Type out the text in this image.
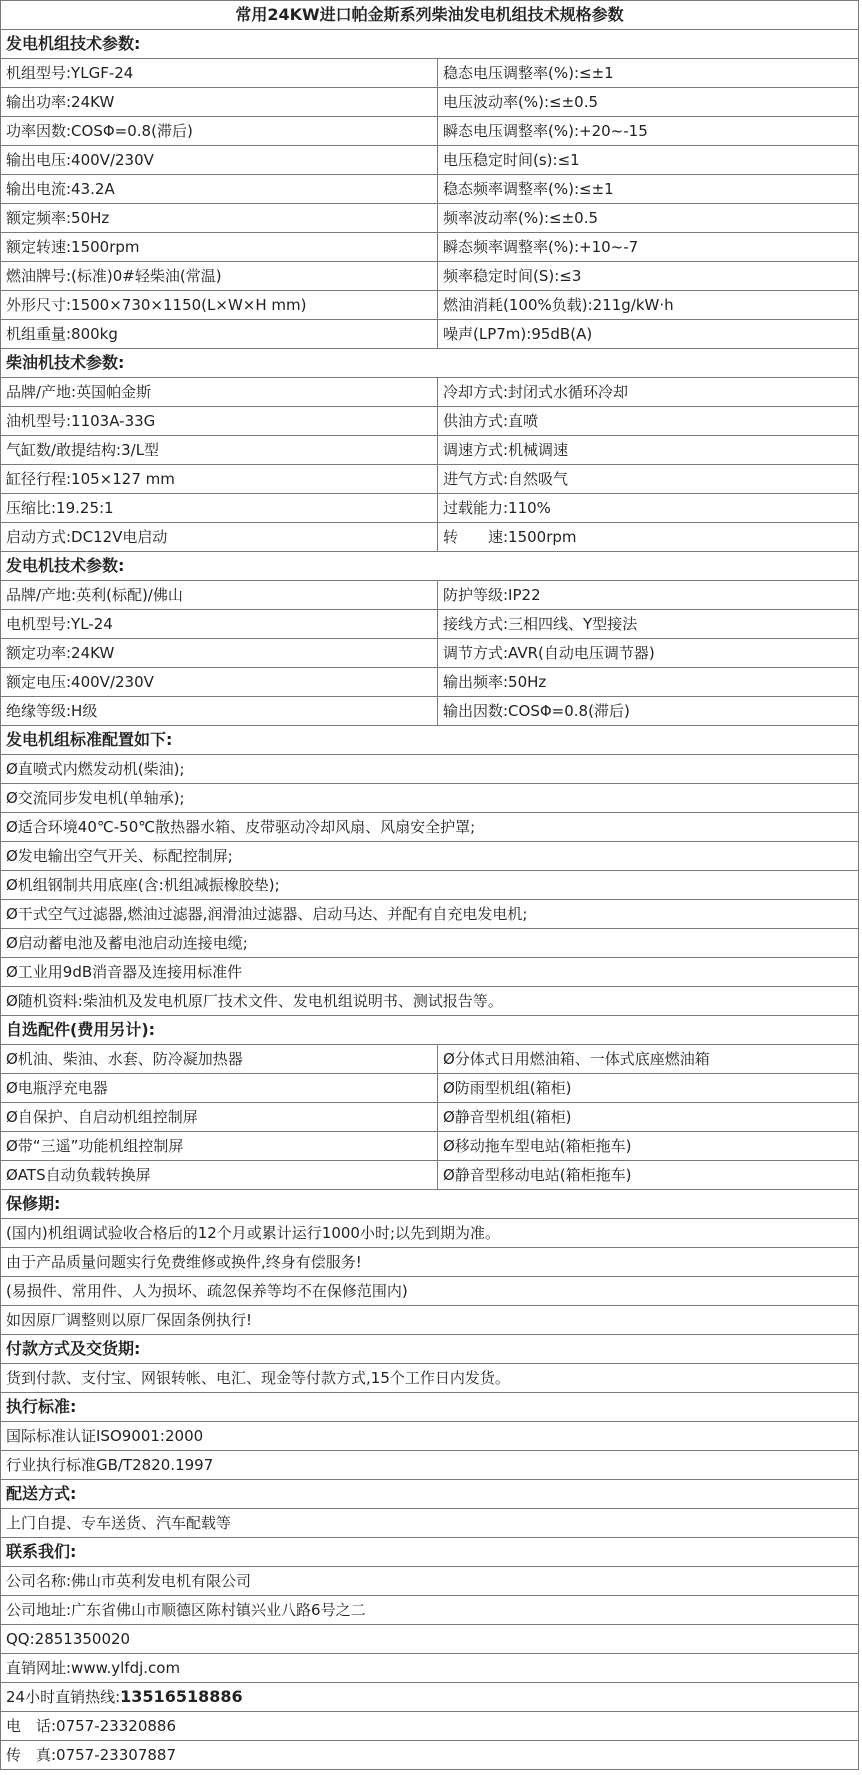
常用24KW进口帕金斯系列柴油发电机组技术规格参数	
发电机组技术参数:	
机组型号:YLGF-24	稳态电压调整率(%):≤±1
输出功率:24KW	电压波动率(%):≤±0.5
功率因数:COSΦ=0.8(滞后)	瞬态电压调整率(%):+20~-15
输出电压:400V/230V	电压稳定时间(s):≤1
输出电流:43.2A	稳态频率调整率(%):≤±1
额定频率:50Hz	频率波动率(%):≤±0.5
额定转速:1500rpm	瞬态频率调整率(%):+10~-7
燃油牌号:(标准)0#轻柴油(常温)	频率稳定时间(S):≤3
外形尺寸:1500×730×1150(L×W×H mm)	燃油消耗(100%负载):211g/kW·h
机组重量:800kg	噪声(LP7m):95dB(A)
柴油机技术参数:	
品牌/产地:英国帕金斯	冷却方式:封闭式水循环冷却
油机型号:1103A-33G	供油方式:直喷
气缸数/敢提结构:3/L型	调速方式:机械调速
缸径行程:105×127 mm	进气方式:自然吸气
压缩比:19.25:1	过载能力:110%
启动方式:DC12V电启动	转　　速:1500rpm
发电机技术参数:	
品牌/产地:英利(标配)/佛山	防护等级:IP22
电机型号:YL-24	接线方式:三相四线、Y型接法
额定功率:24KW	调节方式:AVR(自动电压调节器)
额定电压:400V/230V	输出频率:50Hz
绝缘等级:H级	输出因数:COSΦ=0.8(滞后)
发电机组标准配置如下:	
Ø直喷式内燃发动机(柴油);	
Ø交流同步发电机(单轴承);	
Ø适合环境40℃-50℃散热器水箱、皮带驱动冷却风扇、风扇安全护罩;	
Ø发电输出空气开关、标配控制屏;	
Ø机组钢制共用底座(含:机组减振橡胶垫);	
Ø干式空气过滤器,燃油过滤器,润滑油过滤器、启动马达、并配有自充电发电机;	
Ø启动蓄电池及蓄电池启动连接电缆;	
Ø工业用9dB消音器及连接用标准件	
Ø随机资料:柴油机及发电机原厂技术文件、发电机组说明书、测试报告等。	
自选配件(费用另计):	
Ø机油、柴油、水套、防冷凝加热器	Ø分体式日用燃油箱、一体式底座燃油箱
Ø电瓶浮充电器	Ø防雨型机组(箱柜)
Ø自保护、自启动机组控制屏	Ø静音型机组(箱柜)
Ø带“三遥”功能机组控制屏	Ø移动拖车型电站(箱柜拖车)
ØATS自动负载转换屏	Ø静音型移动电站(箱柜拖车)
保修期:	
(国内)机组调试验收合格后的12个月或累计运行1000小时;以先到期为准。	
由于产品质量问题实行免费维修或换件,终身有偿服务!	
(易损件、常用件、人为损坏、疏忽保养等均不在保修范围内)	
如因原厂调整则以原厂保固条例执行!	
付款方式及交货期:	
货到付款、支付宝、网银转帐、电汇、现金等付款方式,15个工作日内发货。	
执行标准:	
国际标准认证ISO9001:2000	
行业执行标准GB/T2820.1997	
配送方式:	
上门自提、专车送货、汽车配载等	
联系我们:	
公司名称:佛山市英利发电机有限公司	
公司地址:广东省佛山市顺德区陈村镇兴业八路6号之二	
QQ:2851350020	
直销网址:www.ylfdj.com	
24小时直销热线:13516518886	
电　话:0757-23320886	
传　真:0757-23307887	
